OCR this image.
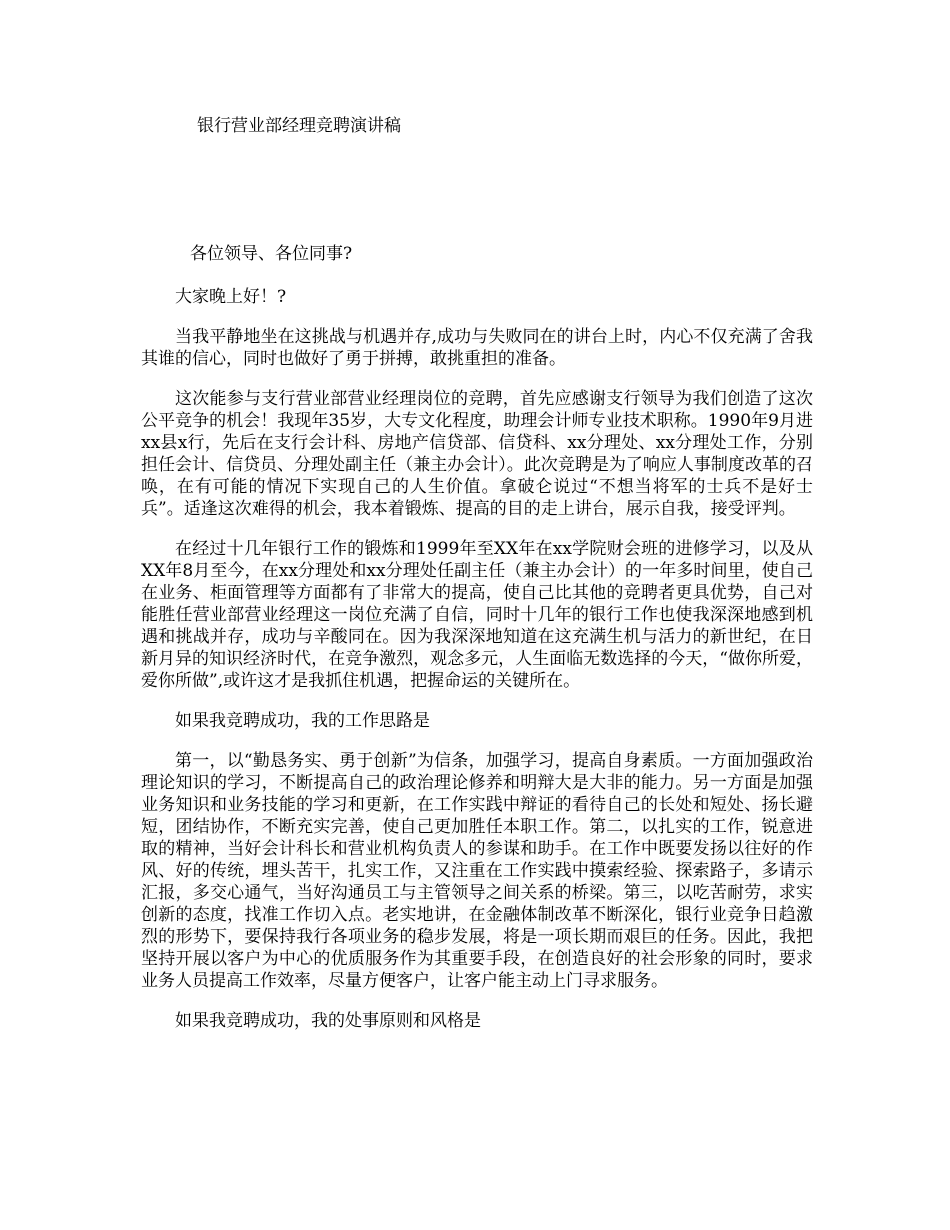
银行营业部经理竞聘演讲稿
各位领导、各位同事?

大家晚上好！?

当我平静地坐在这挑战与机遇并存,成功与失败同在的讲台上时，内心不仅充满了舍我其谁的信心，同时也做好了勇于拼搏，敢挑重担的准备。

这次能参与支行营业部营业经理岗位的竞聘，首先应感谢支行领导为我们创造了这次公平竞争的机会！我现年35岁，大专文化程度，助理会计师专业技术职称。1990年9月进xx县x行，先后在支行会计科、房地产信贷部、信贷科、xx分理处、xx分理处工作，分别担任会计、信贷员、分理处副主任（兼主办会计）。此次竞聘是为了响应人事制度改革的召唤，在有可能的情况下实现自己的人生价值。拿破仑说过“不想当将军的士兵不是好士兵”。适逢这次难得的机会，我本着锻炼、提高的目的走上讲台，展示自我，接受评判。

在经过十几年银行工作的锻炼和1999年至XX年在xx学院财会班的进修学习，以及从XX年8月至今，在xx分理处和xx分理处任副主任（兼主办会计）的一年多时间里，使自己在业务、柜面管理等方面都有了非常大的提高，使自己比其他的竞聘者更具优势，自己对能胜任营业部营业经理这一岗位充满了自信，同时十几年的银行工作也使我深深地感到机遇和挑战并存，成功与辛酸同在。因为我深深地知道在这充满生机与活力的新世纪，在日新月异的知识经济时代，在竞争激烈，观念多元，人生面临无数选择的今天，“做你所爱，爱你所做”,或许这才是我抓住机遇，把握命运的关键所在。

如果我竞聘成功，我的工作思路是

第一，以“勤恳务实、勇于创新”为信条，加强学习，提高自身素质。一方面加强政治理论知识的学习，不断提高自己的政治理论修养和明辩大是大非的能力。另一方面是加强业务知识和业务技能的学习和更新，在工作实践中辩证的看待自己的长处和短处、扬长避短，团结协作，不断充实完善，使自己更加胜任本职工作。第二，以扎实的工作，锐意进取的精神，当好会计科长和营业机构负责人的参谋和助手。在工作中既要发扬以往好的作风、好的传统，埋头苦干，扎实工作，又注重在工作实践中摸索经验、探索路子，多请示汇报，多交心通气，当好沟通员工与主管领导之间关系的桥梁。第三，以吃苦耐劳，求实创新的态度，找准工作切入点。老实地讲，在金融体制改革不断深化，银行业竞争日趋激烈的形势下，要保持我行各项业务的稳步发展，将是一项长期而艰巨的任务。因此，我把坚持开展以客户为中心的优质服务作为其重要手段，在创造良好的社会形象的同时，要求业务人员提高工作效率，尽量方便客户，让客户能主动上门寻求服务。

如果我竞聘成功，我的处事原则和风格是
